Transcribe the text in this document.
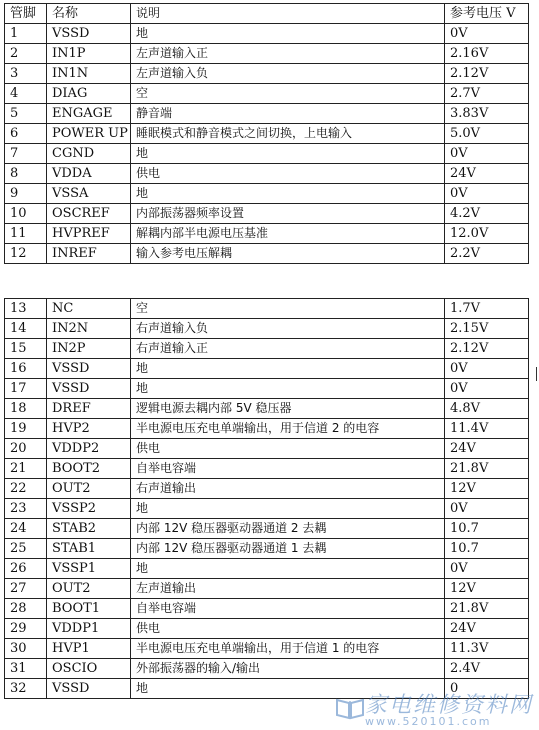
管脚	名称	说明	参考电压 V
1	VSSD	地	0V
2	IN1P	左声道输入正	2.16V
3	IN1N	左声道输入负	2.12V
4	DIAG	空	2.7V
5	ENGAGE	静音端	3.83V
6	POWER UP	睡眠模式和静音模式之间切换，上电输入	5.0V
7	CGND	地	0V
8	VDDA	供电	24V
9	VSSA	地	0V
10	OSCREF	内部振荡器频率设置	4.2V
11	HVPREF	解耦内部半电源电压基准	12.0V
12	INREF	输入参考电压解耦	2.2V
13	NC	空	1.7V
14	IN2N	右声道输入负	2.15V
15	IN2P	右声道输入正	2.12V
16	VSSD	地	0V
17	VSSD	地	0V
18	DREF	逻辑电源去耦内部 5V 稳压器	4.8V
19	HVP2	半电源电压充电单端输出，用于信道 2 的电容	11.4V
20	VDDP2	供电	24V
21	BOOT2	自举电容端	21.8V
22	OUT2	右声道输出	12V
23	VSSP2	地	0V
24	STAB2	内部 12V 稳压器驱动器通道 2 去耦	10.7
25	STAB1	内部 12V 稳压器驱动器通道 1 去耦	10.7
26	VSSP1	地	0V
27	OUT2	左声道输出	12V
28	BOOT1	自举电容端	21.8V
29	VDDP1	供电	24V
30	HVP1	半电源电压充电单端输出，用于信道 1 的电容	11.3V
31	OSCIO	外部振荡器的输入/输出	2.4V
32	VSSD	地	0
家电维修资料网
www.520101.com
